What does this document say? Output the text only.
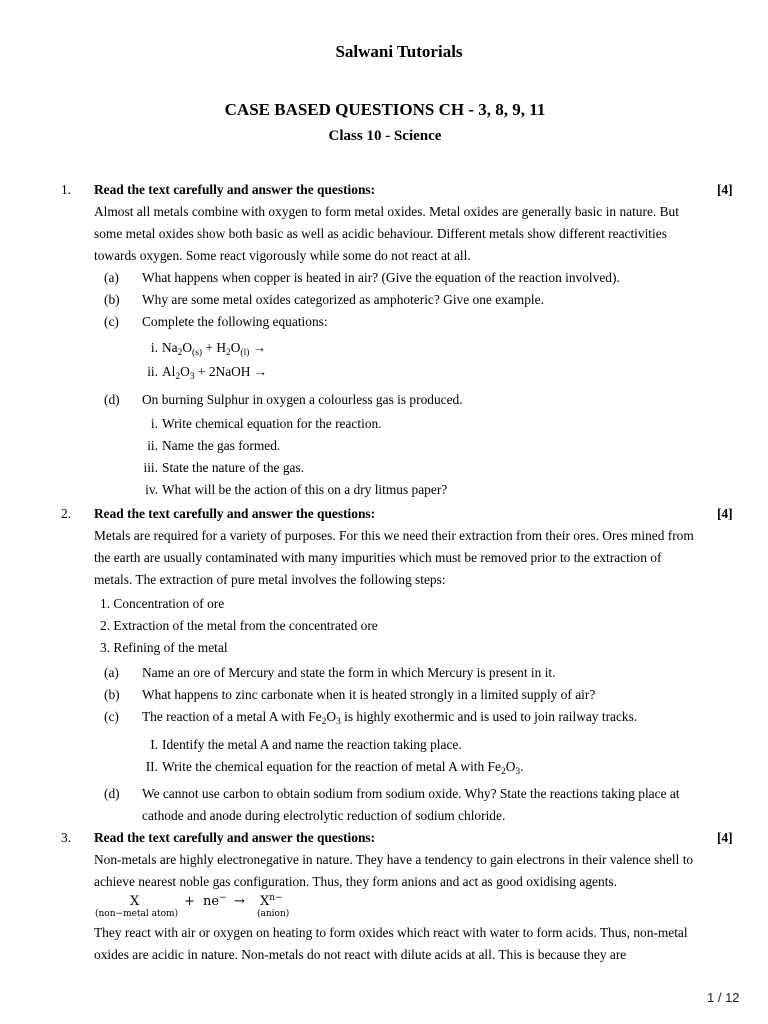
Salwani Tutorials
CASE BASED QUESTIONS CH - 3, 8, 9, 11
Class 10 - Science
1. Read the text carefully and answer the questions:	[4]
Almost all metals combine with oxygen to form metal oxides. Metal oxides are generally basic in nature. But
some metal oxides show both basic as well as acidic behaviour. Different metals show different reactivities
towards oxygen. Some react vigorously while some do not react at all.
(a) What happens when copper is heated in air? (Give the equation of the reaction involved).
(b) Why are some metal oxides categorized as amphoteric? Give one example.
(c) Complete the following equations:
i. $Na_2O_{(s)} + H_2O_{(l)}$ →
ii. $Al_2O_3$ + 2NaOH →
(d) On burning Sulphur in oxygen a colourless gas is produced.
i. Write chemical equation for the reaction.
ii. Name the gas formed.
iii. State the nature of the gas.
iv. What will be the action of this on a dry litmus paper?
2. Read the text carefully and answer the questions:	[4]
Metals are required for a variety of purposes. For this we need their extraction from their ores. Ores mined from
the earth are usually contaminated with many impurities which must be removed prior to the extraction of
metals. The extraction of pure metal involves the following steps:
1. Concentration of ore
2. Extraction of the metal from the concentrated ore
3. Refining of the metal
(a) Name an ore of Mercury and state the form in which Mercury is present in it.
(b) What happens to zinc carbonate when it is heated strongly in a limited supply of air?
(c) The reaction of a metal A with $Fe_2O_3$ is highly exothermic and is used to join railway tracks.
I. Identify the metal A and name the reaction taking place.
II. Write the chemical equation for the reaction of metal A with $Fe_2O_3$.
(d) We cannot use carbon to obtain sodium from sodium oxide. Why? State the reactions taking place at
cathode and anode during electrolytic reduction of sodium chloride.
3. Read the text carefully and answer the questions:	[4]
Non-metals are highly electronegative in nature. They have a tendency to gain electrons in their valence shell to
achieve nearest noble gas configuration. Thus, they form anions and act as good oxidising agents.
X	+ $ne^- \to X^{n-}$
(non−metal atom)	(anion)
They react with air or oxygen on heating to form oxides which react with water to form acids. Thus, non-metal
oxides are acidic in nature. Non-metals do not react with dilute acids at all. This is because they are
1 / 12
